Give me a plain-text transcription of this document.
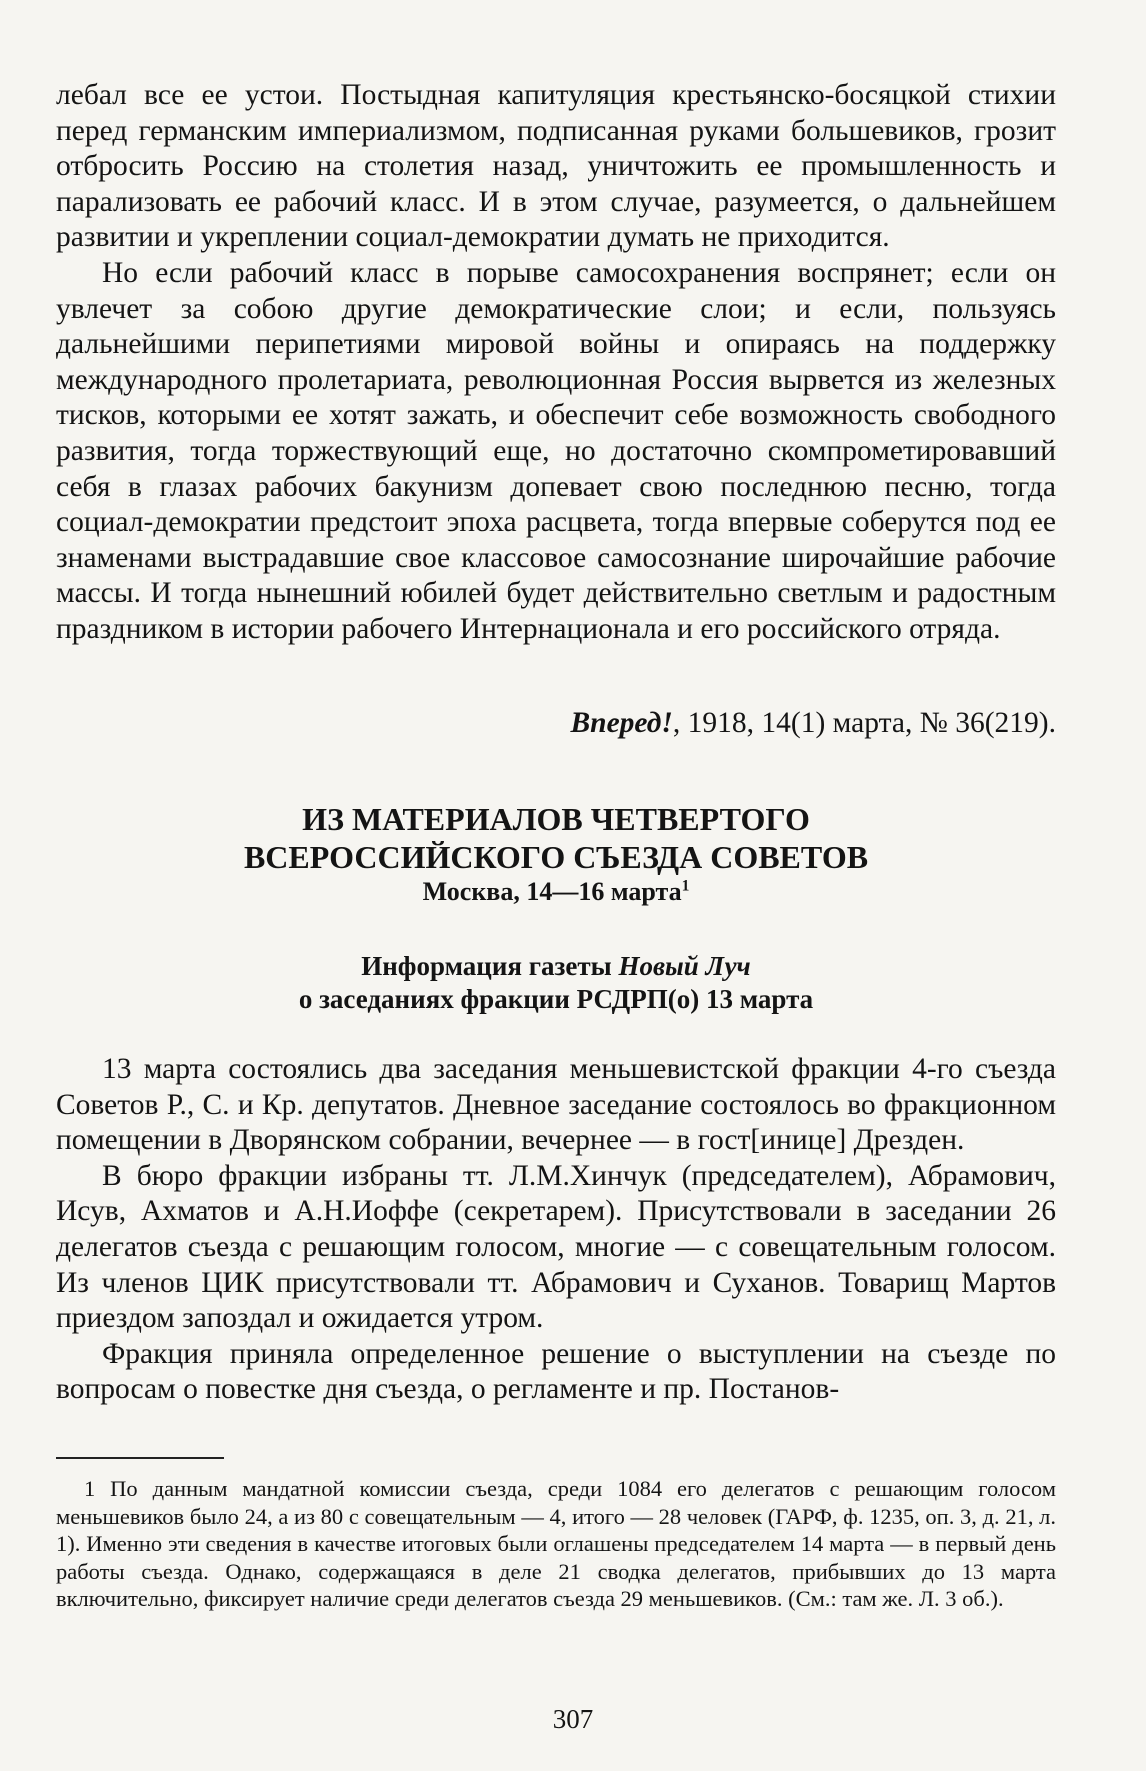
лебал все ее устои. Постыдная капитуляция крестьянско-босяцкой стихии перед германским империализмом, подписанная руками большевиков, грозит отбросить Россию на столетия назад, уничтожить ее промышленность и парализовать ее рабочий класс. И в этом случае, разумеется, о дальнейшем развитии и укреплении социал-демократии думать не приходится.

Но если рабочий класс в порыве самосохранения воспрянет; если он увлечет за собою другие демократические слои; и если, пользуясь дальнейшими перипетиями мировой войны и опираясь на поддержку международного пролетариата, революционная Россия вырвется из железных тисков, которыми ее хотят зажать, и обеспечит себе возможность свободного развития, тогда торжествующий еще, но достаточно скомпрометировавший себя в глазах рабочих бакунизм допевает свою последнюю песню, тогда социал-демократии предстоит эпоха расцвета, тогда впервые соберутся под ее знаменами выстрадавшие свое классовое самосознание широчайшие рабочие массы. И тогда нынешний юбилей будет действительно светлым и радостным праздником в истории рабочего Интернационала и его российского отряда.

Вперед!, 1918, 14(1) марта, № 36(219).
ИЗ МАТЕРИАЛОВ ЧЕТВЕРТОГО
ВСЕРОССИЙСКОГО СЪЕЗДА СОВЕТОВ
Москва, 14—16 марта$^1$
Информация газеты Новый Луч
о заседаниях фракции РСДРП(о) 13 марта

13 марта состоялись два заседания меньшевистской фракции 4-го съезда Советов Р., С. и Кр. депутатов. Дневное заседание состоялось во фракционном помещении в Дворянском собрании, вечернее — в гост[инице] Дрезден.

В бюро фракции избраны тт. Л.М.Хинчук (председателем), Абрамович, Исув, Ахматов и А.Н.Иоффе (секретарем). Присутствовали в заседании 26 делегатов съезда с решающим голосом, многие — с совещательным голосом. Из членов ЦИК присутствовали тт. Абрамович и Суханов. Товарищ Мартов приездом запоздал и ожидается утром.

Фракция приняла определенное решение о выступлении на съезде по вопросам о повестке дня съезда, о регламенте и пр. Постанов-

1 По данным мандатной комиссии съезда, среди 1084 его делегатов с решающим голосом меньшевиков было 24, а из 80 с совещательным — 4, итого — 28 человек (ГАРФ, ф. 1235, оп. 3, д. 21, л. 1). Именно эти сведения в качестве итоговых были оглашены председателем 14 марта — в первый день работы съезда. Однако, содержащаяся в деле 21 сводка делегатов, прибывших до 13 марта включительно, фиксирует наличие среди делегатов съезда 29 меньшевиков. (См.: там же. Л. 3 об.).

307
